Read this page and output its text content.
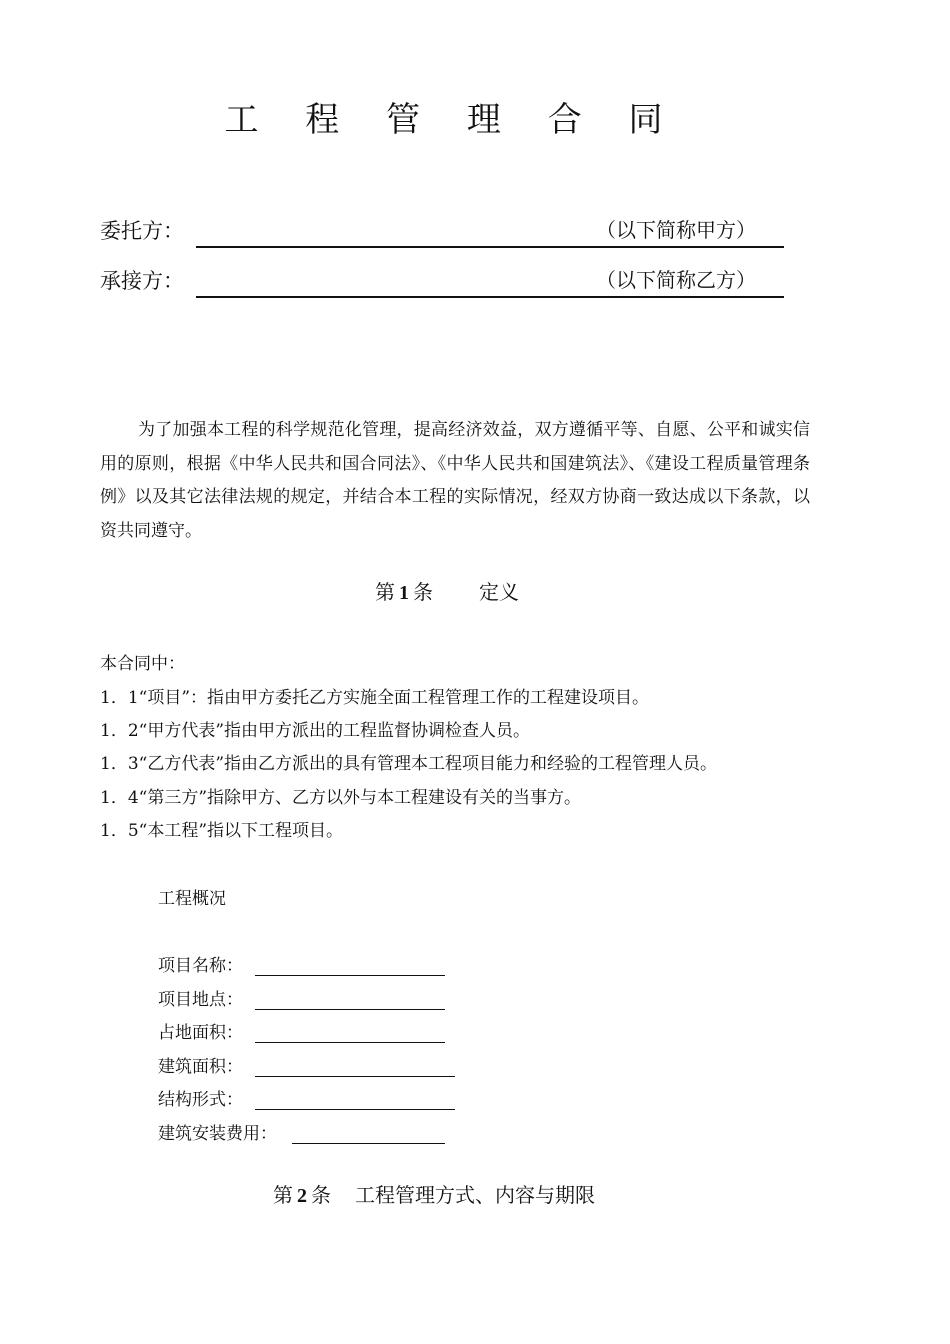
工 程 管 理 合 同
委托方：	（以下简称甲方）
承接方：	（以下简称乙方）
为了加强本工程的科学规范化管理，提高经济效益，双方遵循平等、自愿、公平和诚实信用的原则，根据《中华人民共和国合同法》、《中华人民共和国建筑法》、《建设工程质量管理条例》以及其它法律法规的规定，并结合本工程的实际情况，经双方协商一致达成以下条款，以资共同遵守。
第 1 条 定义
本合同中：
1．1“项目”：指由甲方委托乙方实施全面工程管理工作的工程建设项目。
1．2“甲方代表”指由甲方派出的工程监督协调检查人员。
1．3“乙方代表”指由乙方派出的具有管理本工程项目能力和经验的工程管理人员。
1．4“第三方”指除甲方、乙方以外与本工程建设有关的当事方。
1．5“本工程”指以下工程项目。
工程概况
项目名称：
项目地点：
占地面积：
建筑面积：
结构形式：
建筑安装费用：
第 2 条 工程管理方式、内容与期限
